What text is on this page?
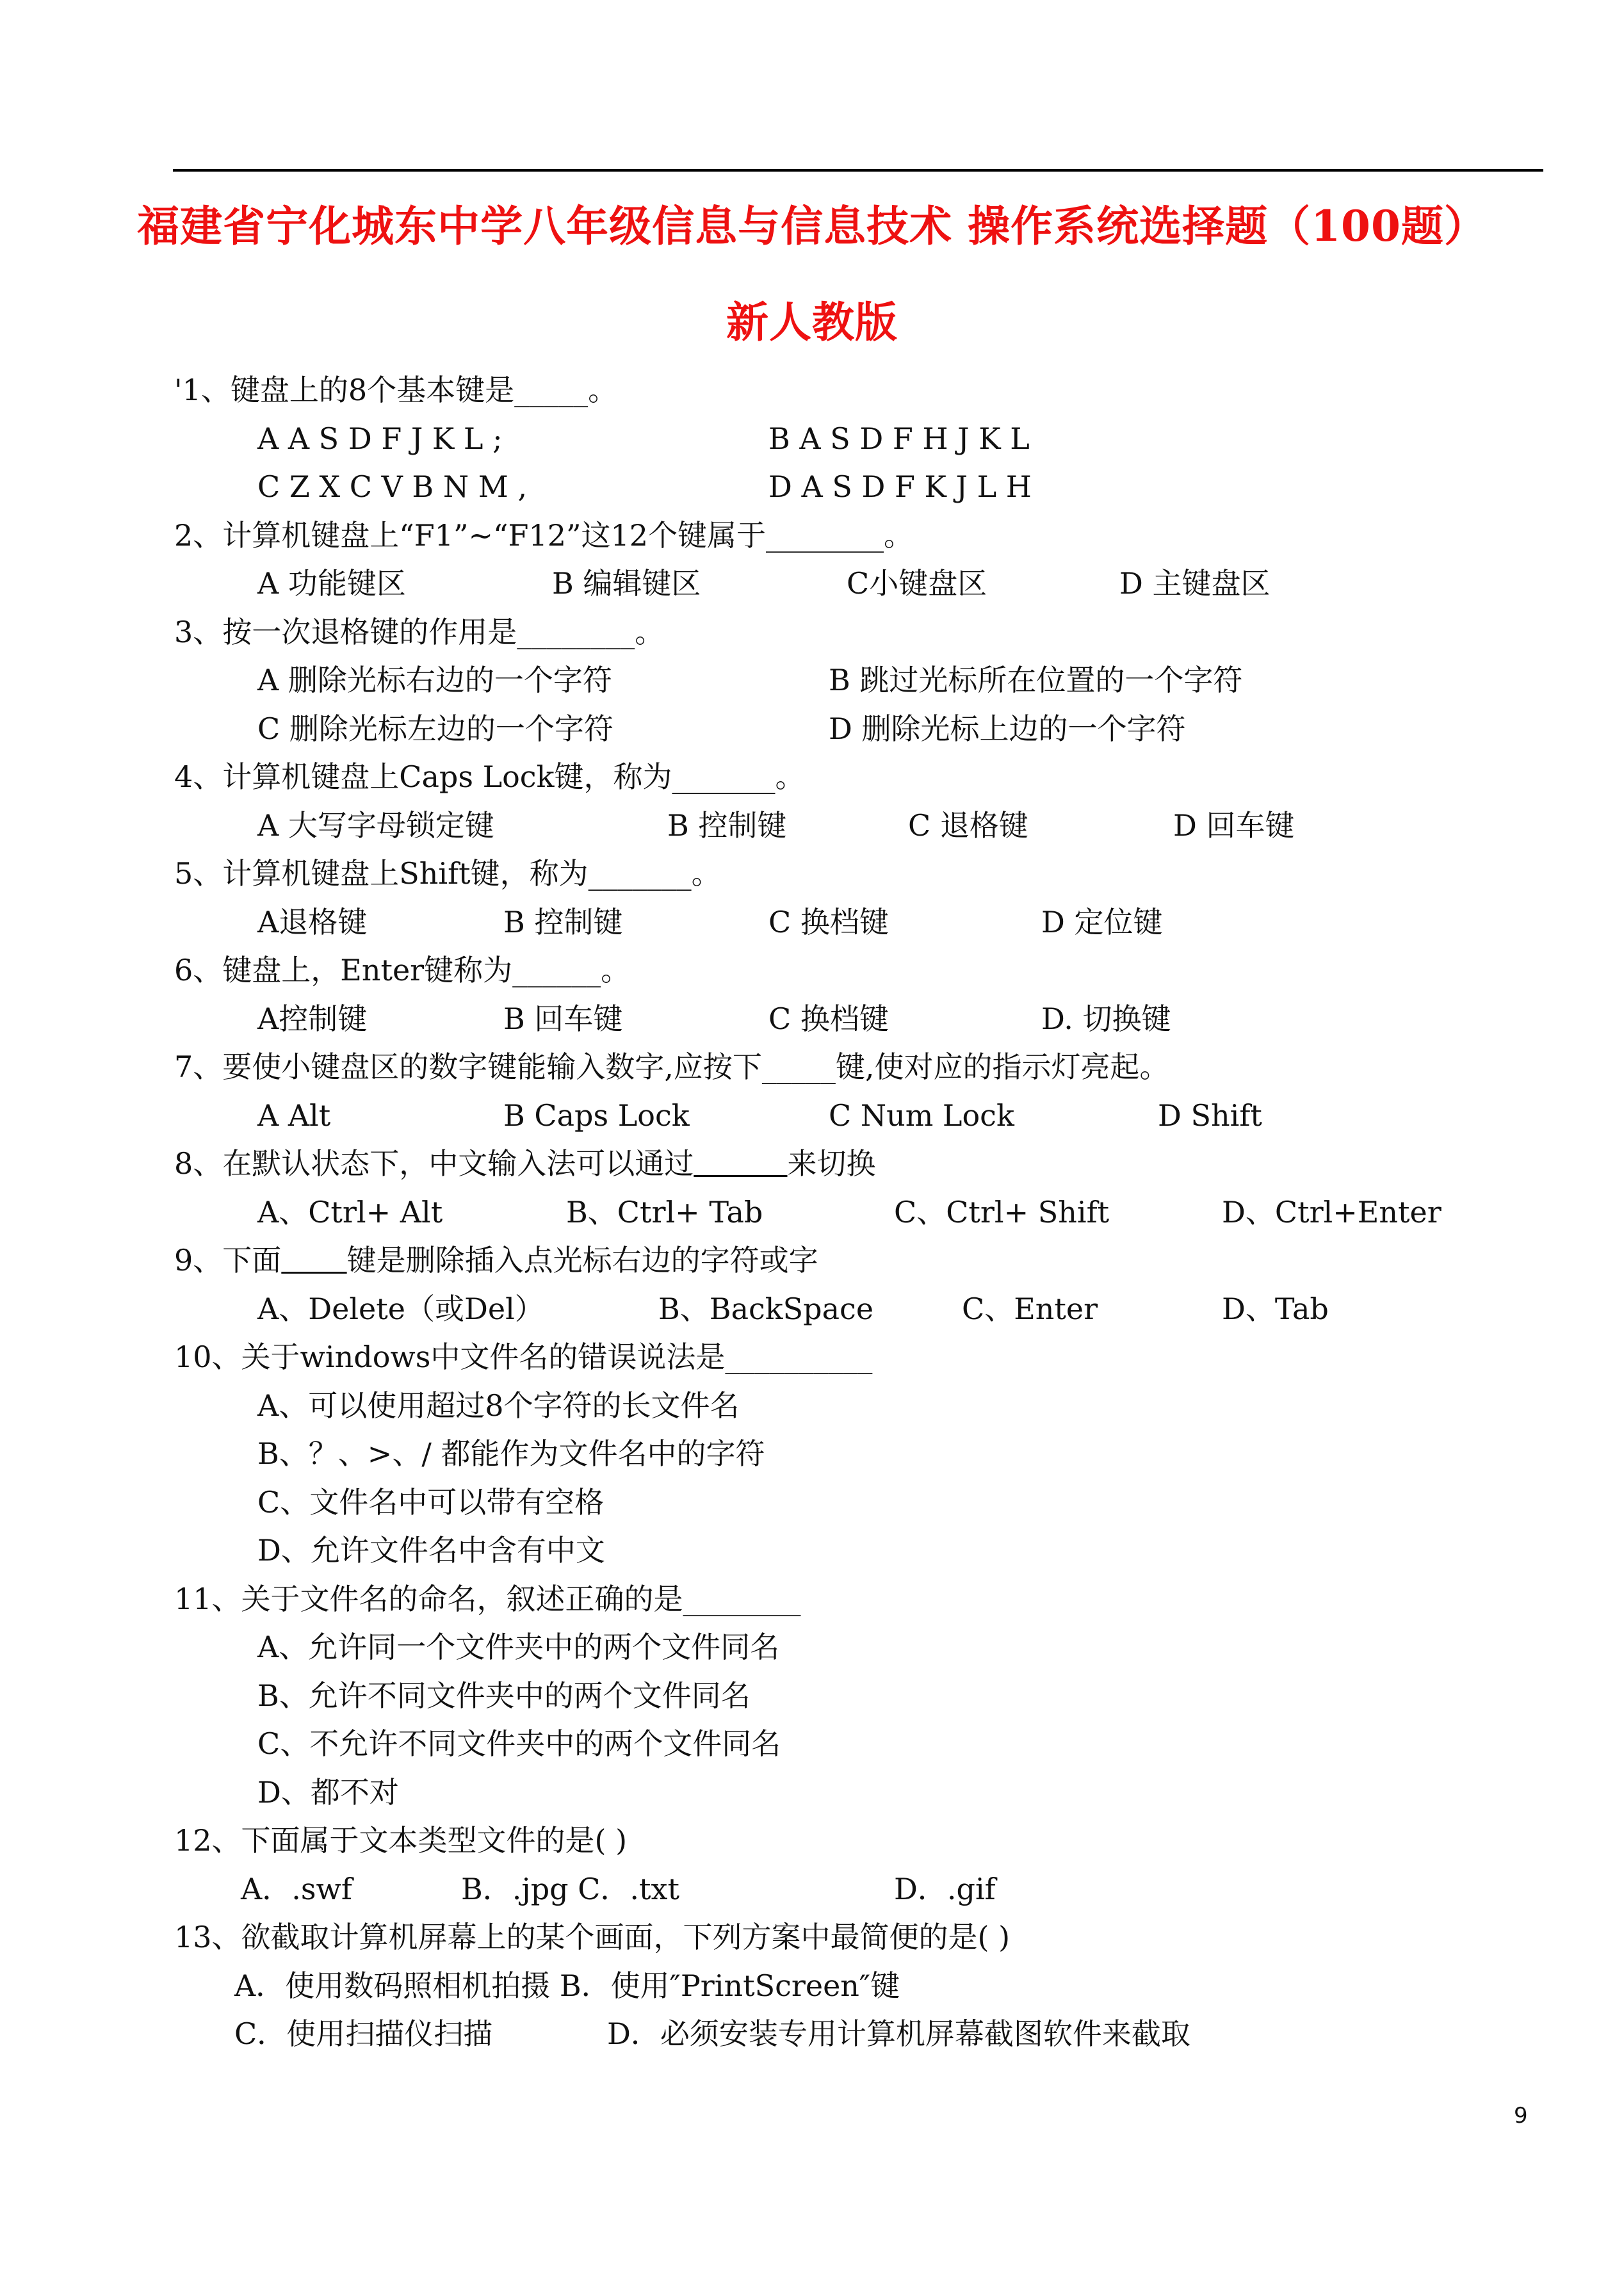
福建省宁化城东中学八年级信息与信息技术 操作系统选择题（100题）
新人教版
'1、键盘上的8个基本键是_____。
A A S D F J K L ;	B A S D F H J K L
C Z X C V B N M ,	D A S D F K J L H
2、计算机键盘上“F1”~“F12”这12个键属于________。
A 功能键区	B 编辑键区	C小键盘区	D 主键盘区
3、按一次退格键的作用是________。
A 删除光标右边的一个字符	B 跳过光标所在位置的一个字符
C 删除光标左边的一个字符	D 删除光标上边的一个字符
4、计算机键盘上Caps Lock键，称为_______。
A 大写字母锁定键	B 控制键	C 退格键	D 回车键
5、计算机键盘上Shift键，称为_______。
A退格键	B 控制键	C 换档键	D 定位键
6、键盘上，Enter键称为______。
A控制键	B 回车键	C 换档键	D. 切换键
7、要使小键盘区的数字键能输入数字,应按下_____键,使对应的指示灯亮起。
A Alt	B Caps Lock	C Num Lock	D Shift
8、在默认状态下，中文输入法可以通过	来切换
A、Ctrl+ Alt	B、Ctrl+ Tab	C、Ctrl+ Shift	D、Ctrl+Enter
9、下面 键是删除插入点光标右边的字符或字
A、Delete（或Del）	B、BackSpace	C、Enter	D、Tab
10、关于windows中文件名的错误说法是__________
A、可以使用超过8个字符的长文件名
B、？、>、/ 都能作为文件名中的字符
C、文件名中可以带有空格
D、允许文件名中含有中文
11、关于文件名的命名，叙述正确的是________
A、允许同一个文件夹中的两个文件同名
B、允许不同文件夹中的两个文件同名
C、不允许不同文件夹中的两个文件同名
D、都不对
12、下面属于文本类型文件的是( )
A．.swf	B．.jpg C．.txt	D．.gif
13、欲截取计算机屏幕上的某个画面，下列方案中最简便的是( )
A．使用数码照相机拍摄 B．使用″PrintScreen″键
C．使用扫描仪扫描	D．必须安装专用计算机屏幕截图软件来截取
9
